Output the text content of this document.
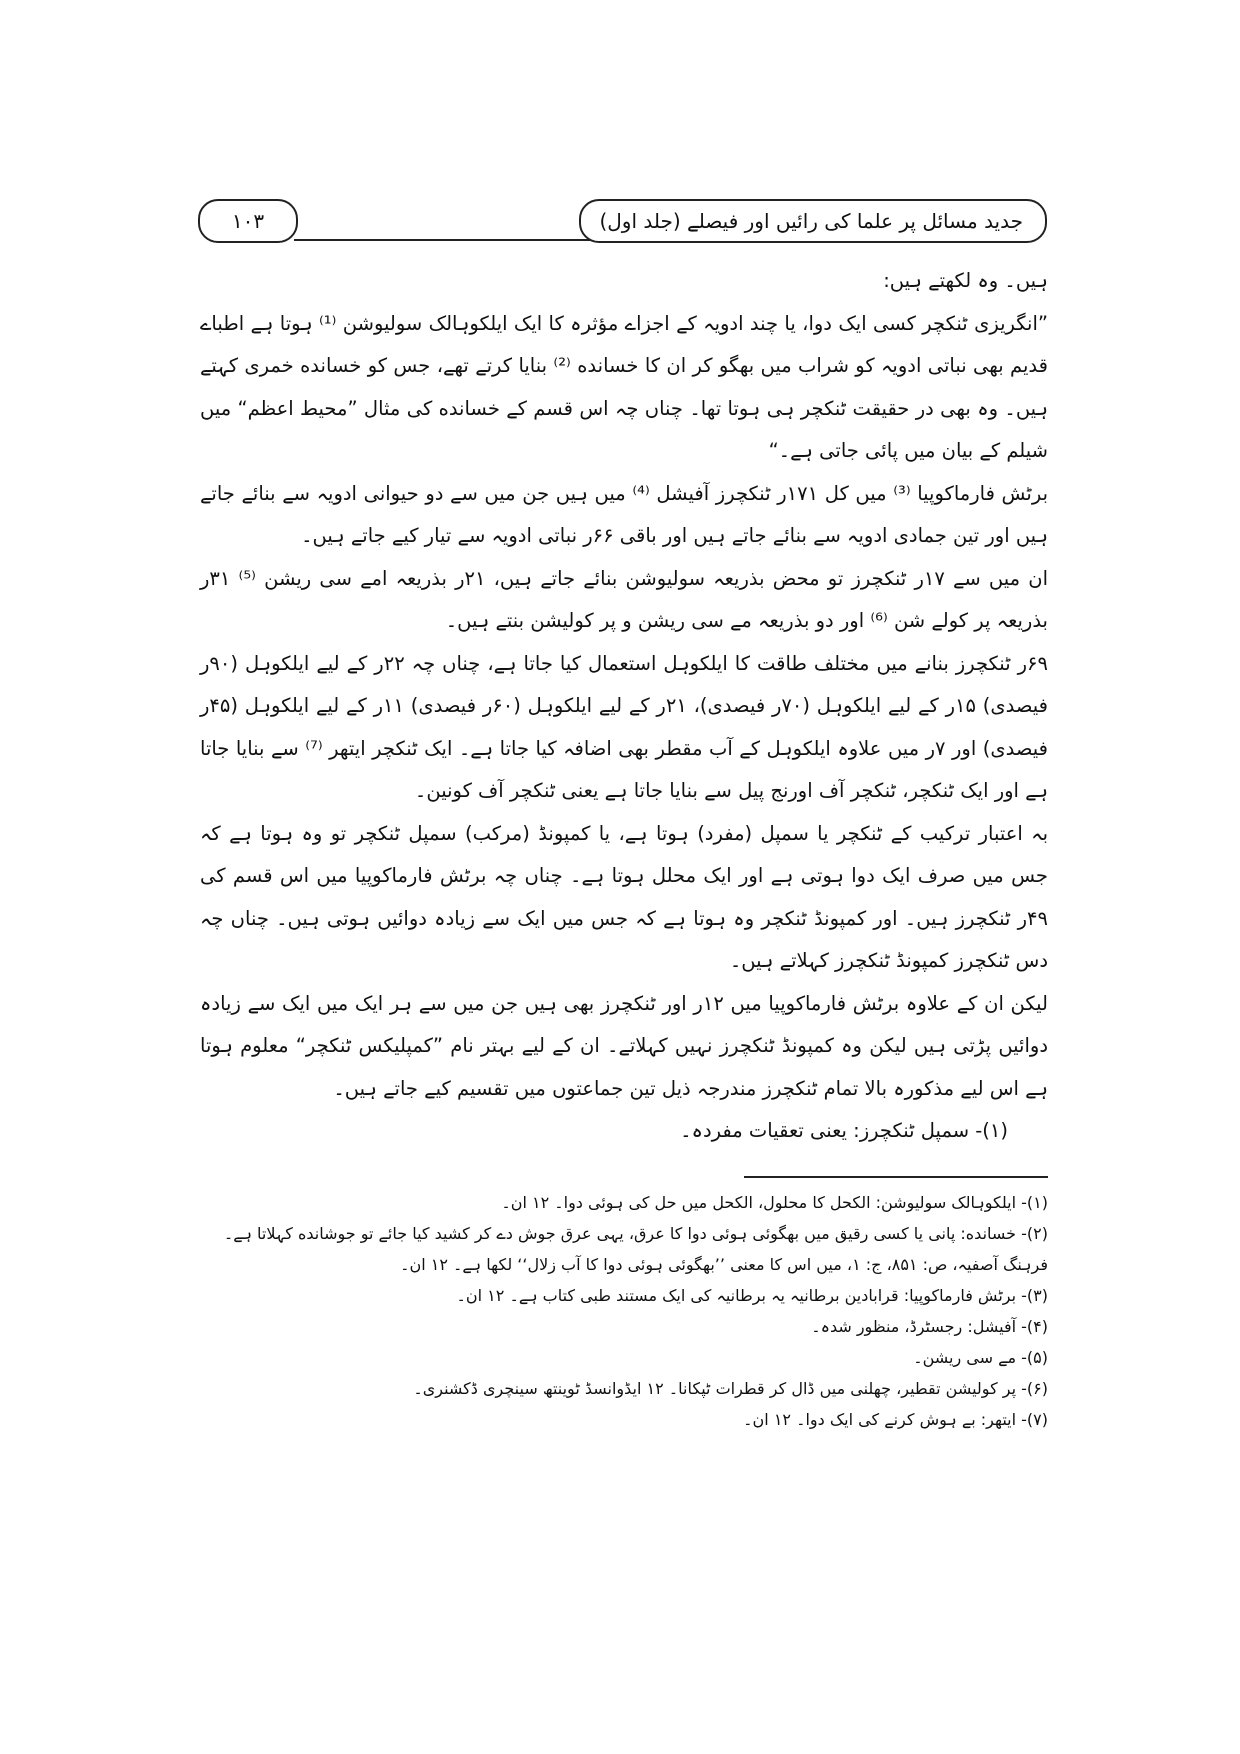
جدید مسائل پر علما کی رائیں اور فیصلے (جلد اول)
۱۰۳

ہیں۔ وہ لکھتے ہیں:

”انگریزی ٹنکچر کسی ایک دوا، یا چند ادویہ کے اجزاے مؤثرہ کا ایک ایلکوہالک سولیوشن ⁽¹⁾ ہوتا ہے اطباے قدیم بھی نباتی ادویہ کو شراب میں بھگو کر ان کا خسانده ⁽²⁾ بنایا کرتے تھے، جس کو خسانده خمری کہتے ہیں۔ وہ بھی در حقیقت ٹنکچر ہی ہوتا تھا۔ چناں چہ اس قسم کے خسانده کی مثال ”محیط اعظم“ میں شیلم کے بیان میں پائی جاتی ہے۔“

برٹش فارماکوپیا ⁽³⁾ میں کل ۱۷۱ر ٹنکچرز آفیشل ⁽⁴⁾ میں ہیں جن میں سے دو حیوانی ادویہ سے بنائے جاتے ہیں اور تین جمادی ادویہ سے بنائے جاتے ہیں اور باقی ۶۶ر نباتی ادویہ سے تیار کیے جاتے ہیں۔

ان میں سے ۱۷ر ٹنکچرز تو محض بذریعہ سولیوشن بنائے جاتے ہیں، ۲۱ر بذریعہ امے سی ریشن ⁽⁵⁾ ۳۱ر بذریعہ پر کولے شن ⁽⁶⁾ اور دو بذریعہ مے سی ریشن و پر کولیشن بنتے ہیں۔

۶۹ر ٹنکچرز بنانے میں مختلف طاقت کا ایلکوہل استعمال کیا جاتا ہے، چناں چہ ۲۲ر کے لیے ایلکوہل (۹۰ر فیصدی) ۱۵ر کے لیے ایلکوہل (۷۰ر فیصدی)، ۲۱ر کے لیے ایلکوہل (۶۰ر فیصدی) ۱۱ر کے لیے ایلکوہل (۴۵ر فیصدی) اور ۷ر میں علاوہ ایلکوہل کے آب مقطر بھی اضافہ کیا جاتا ہے۔ ایک ٹنکچر ایتھر ⁽⁷⁾ سے بنایا جاتا ہے اور ایک ٹنکچر، ٹنکچر آف اورنج پیل سے بنایا جاتا ہے یعنی ٹنکچر آف کونین۔

بہ اعتبار ترکیب کے ٹنکچر یا سمپل (مفرد) ہوتا ہے، یا کمپونڈ (مرکب) سمپل ٹنکچر تو وہ ہوتا ہے کہ جس میں صرف ایک دوا ہوتی ہے اور ایک محلل ہوتا ہے۔ چناں چہ برٹش فارماکوپیا میں اس قسم کی ۴۹ر ٹنکچرز ہیں۔ اور کمپونڈ ٹنکچر وہ ہوتا ہے کہ جس میں ایک سے زیادہ دوائیں ہوتی ہیں۔ چناں چہ دس ٹنکچرز کمپونڈ ٹنکچرز کہلاتے ہیں۔

لیکن ان کے علاوہ برٹش فارماکوپیا میں ۱۲ر اور ٹنکچرز بھی ہیں جن میں سے ہر ایک میں ایک سے زیادہ دوائیں پڑتی ہیں لیکن وہ کمپونڈ ٹنکچرز نہیں کہلاتے۔ ان کے لیے بہتر نام ”کمپلیکس ٹنکچر“ معلوم ہوتا ہے اس لیے مذکورہ بالا تمام ٹنکچرز مندرجہ ذیل تین جماعتوں میں تقسیم کیے جاتے ہیں۔

(۱)- سمپل ٹنکچرز: یعنی تعقیات مفردہ۔

(۱)- ایلکوہالک سولیوشن: الکحل کا محلول، الکحل میں حل کی ہوئی دوا۔ ۱۲ ان۔

(۲)- خسانده: پانی یا کسی رقیق میں بھگوئی ہوئی دوا کا عرق، یہی عرق جوش دے کر کشید کیا جائے تو جوشانده کہلاتا ہے۔ فرہنگ آصفیہ، ص: ۸۵۱، ج: ۱، میں اس کا معنی ’’بھگوئی ہوئی دوا کا آب زلال‘‘ لکھا ہے۔ ۱۲ ان۔

(۳)- برٹش فارماکوپیا: قرابادین برطانیہ یہ برطانیہ کی ایک مستند طبی کتاب ہے۔ ۱۲ ان۔

(۴)- آفیشل: رجسٹرڈ، منظور شدہ۔

(۵)- مے سی ریشن۔

(۶)- پر کولیشن تقطیر، چھلنی میں ڈال کر قطرات ٹپکانا۔ ۱۲ ایڈوانسڈ ٹوینتھ سینچری ڈکشنری۔

(۷)- ایتھر: بے ہوش کرنے کی ایک دوا۔ ۱۲ ان۔
